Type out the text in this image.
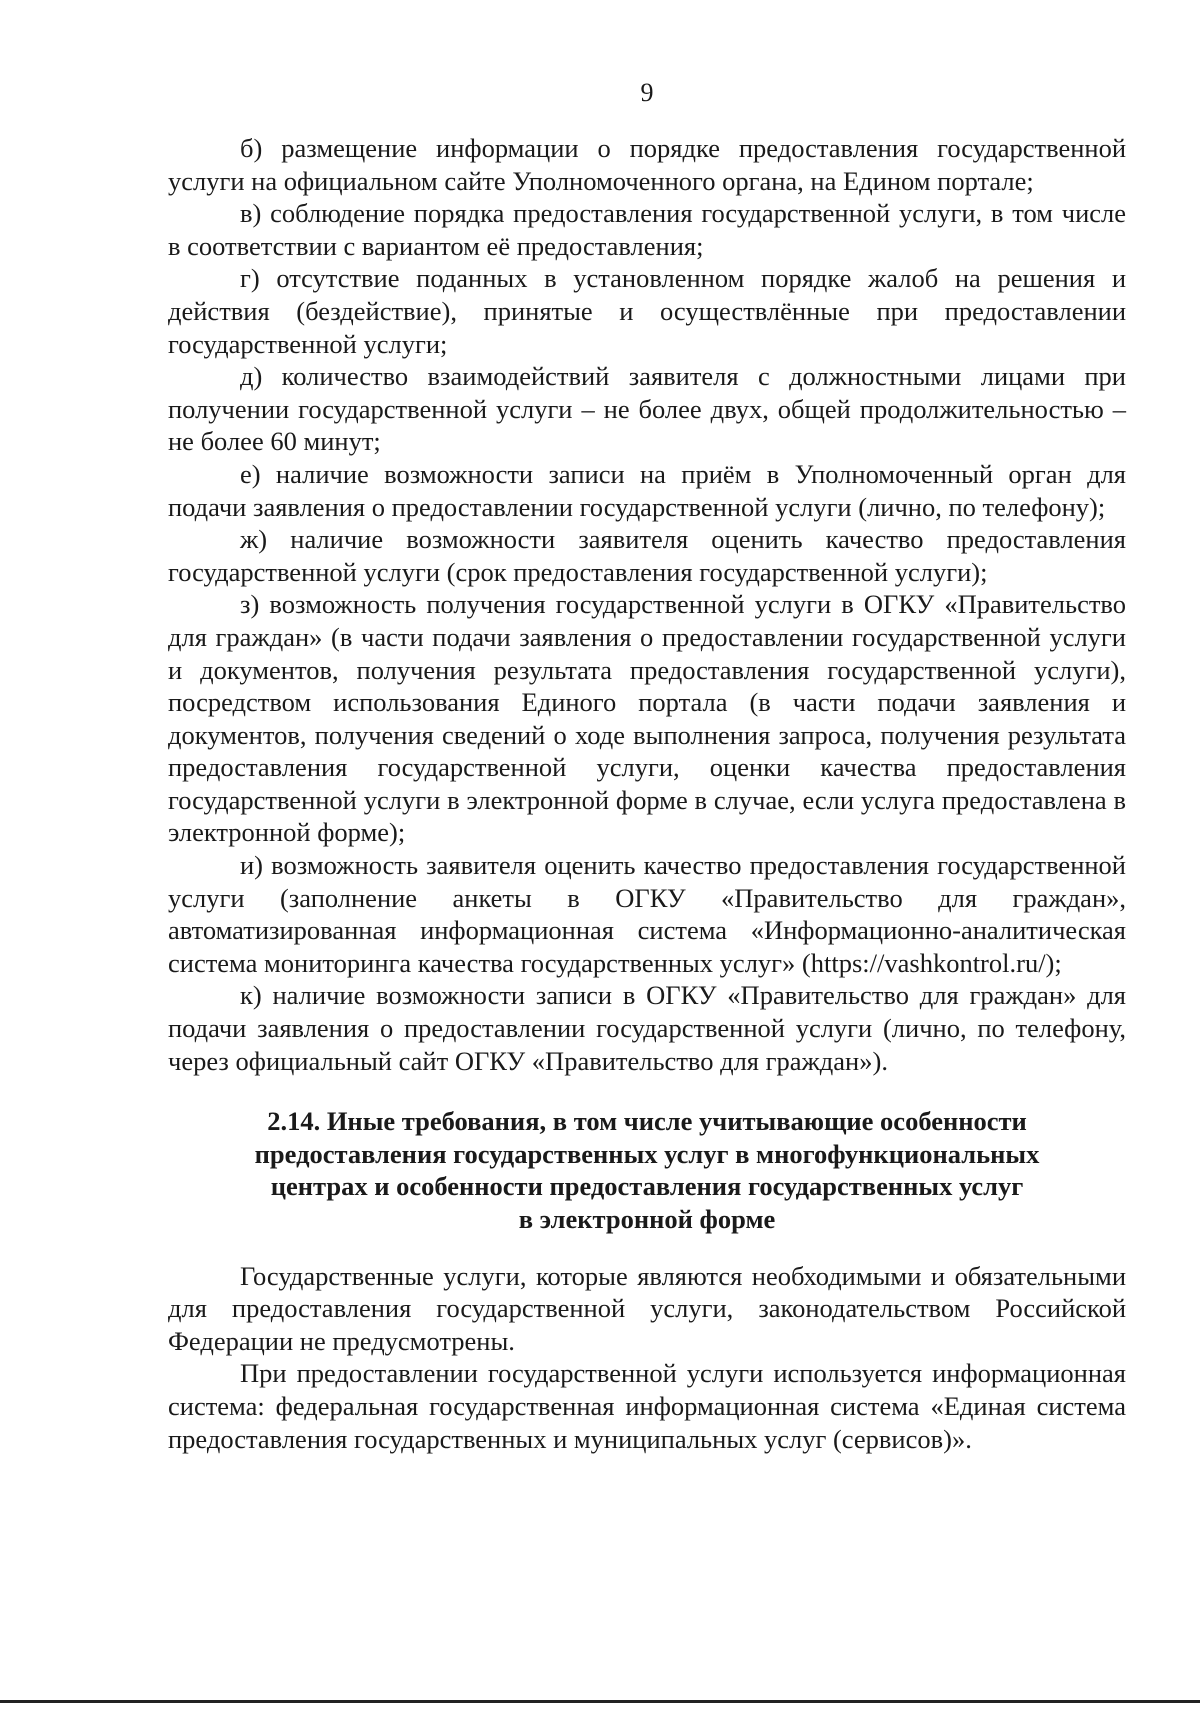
9

б) размещение информации о порядке предоставления государственной услуги на официальном сайте Уполномоченного органа, на Едином портале;

в) соблюдение порядка предоставления государственной услуги, в том числе в соответствии с вариантом её предоставления;

г) отсутствие поданных в установленном порядке жалоб на решения и действия (бездействие), принятые и осуществлённые при предоставлении государственной услуги;

д) количество взаимодействий заявителя с должностными лицами при получении государственной услуги – не более двух, общей продолжительностью – не более 60 минут;

е) наличие возможности записи на приём в Уполномоченный орган для подачи заявления о предоставлении государственной услуги (лично, по телефону);

ж) наличие возможности заявителя оценить качество предоставления государственной услуги (срок предоставления государственной услуги);

з) возможность получения государственной услуги в ОГКУ «Правительство для граждан» (в части подачи заявления о предоставлении государственной услуги и документов, получения результата предоставления государственной услуги), посредством использования Единого портала (в части подачи заявления и документов, получения сведений о ходе выполнения запроса, получения результата предоставления государственной услуги, оценки качества предоставления государственной услуги в электронной форме в случае, если услуга предоставлена в электронной форме);

и) возможность заявителя оценить качество предоставления государственной услуги (заполнение анкеты в ОГКУ «Правительство для граждан», автоматизированная информационная система «Информационно-аналитическая система мониторинга качества государственных услуг» (https://vashkontrol.ru/);

к) наличие возможности записи в ОГКУ «Правительство для граждан» для подачи заявления о предоставлении государственной услуги (лично, по телефону, через официальный сайт ОГКУ «Правительство для граждан»).

2.14. Иные требования, в том числе учитывающие особенности
предоставления государственных услуг в многофункциональных
центрах и особенности предоставления государственных услуг
в электронной форме

Государственные услуги, которые являются необходимыми и обязательными для предоставления государственной услуги, законодательством Российской Федерации не предусмотрены.

При предоставлении государственной услуги используется информационная система: федеральная государственная информационная система «Единая система предоставления государственных и муниципальных услуг (сервисов)».
